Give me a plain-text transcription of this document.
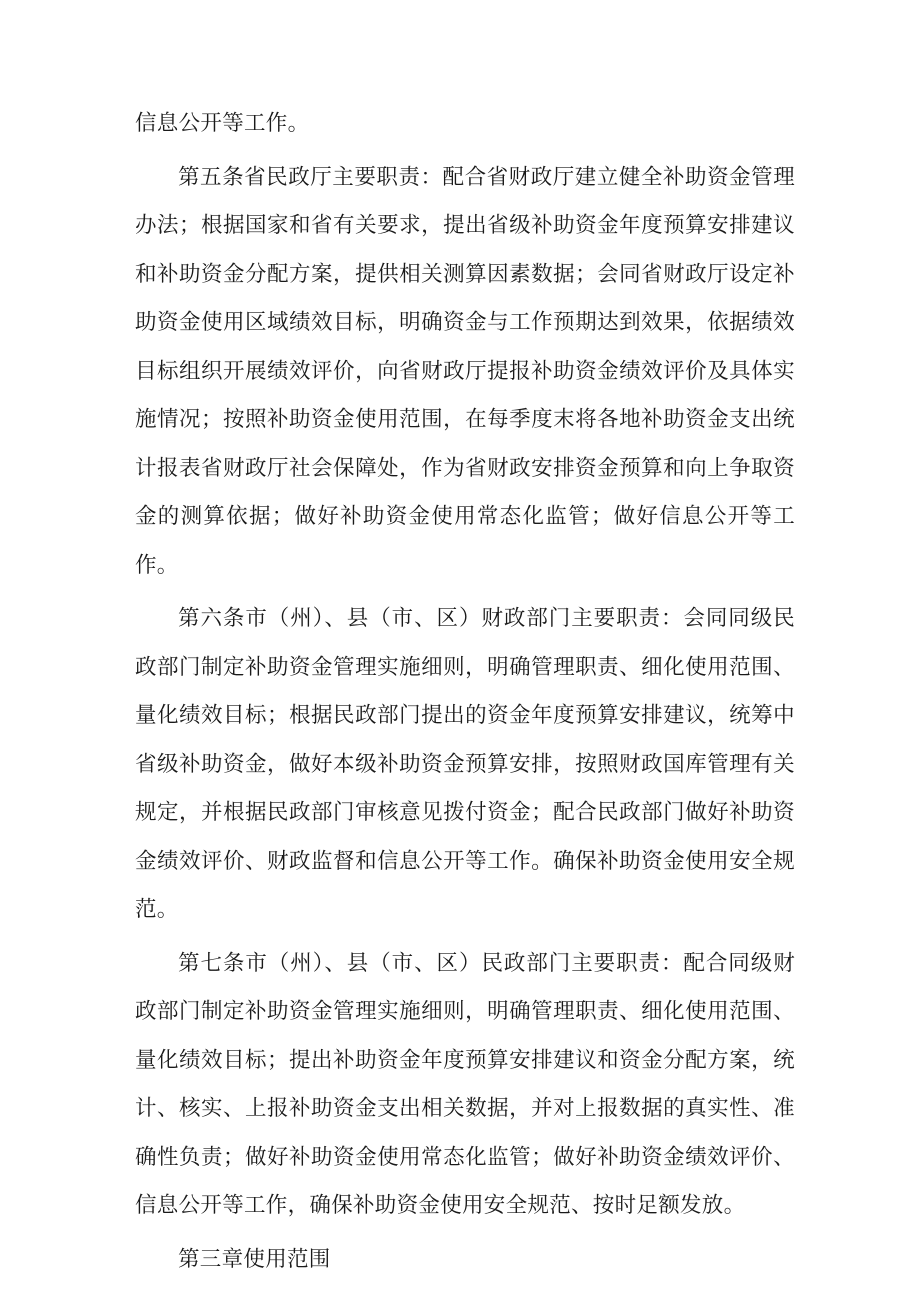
信息公开等工作。

第五条省民政厅主要职责：配合省财政厅建立健全补助资金管理办法；根据国家和省有关要求，提出省级补助资金年度预算安排建议和补助资金分配方案，提供相关测算因素数据；会同省财政厅设定补助资金使用区域绩效目标，明确资金与工作预期达到效果，依据绩效目标组织开展绩效评价，向省财政厅提报补助资金绩效评价及具体实施情况；按照补助资金使用范围，在每季度末将各地补助资金支出统计报表省财政厅社会保障处，作为省财政安排资金预算和向上争取资金的测算依据；做好补助资金使用常态化监管；做好信息公开等工作。

第六条市（州）、县（市、区）财政部门主要职责：会同同级民政部门制定补助资金管理实施细则，明确管理职责、细化使用范围、量化绩效目标；根据民政部门提出的资金年度预算安排建议，统筹中省级补助资金，做好本级补助资金预算安排，按照财政国库管理有关规定，并根据民政部门审核意见拨付资金；配合民政部门做好补助资金绩效评价、财政监督和信息公开等工作。确保补助资金使用安全规范。

第七条市（州）、县（市、区）民政部门主要职责：配合同级财政部门制定补助资金管理实施细则，明确管理职责、细化使用范围、量化绩效目标；提出补助资金年度预算安排建议和资金分配方案，统计、核实、上报补助资金支出相关数据，并对上报数据的真实性、准确性负责；做好补助资金使用常态化监管；做好补助资金绩效评价、信息公开等工作，确保补助资金使用安全规范、按时足额发放。

第三章使用范围
